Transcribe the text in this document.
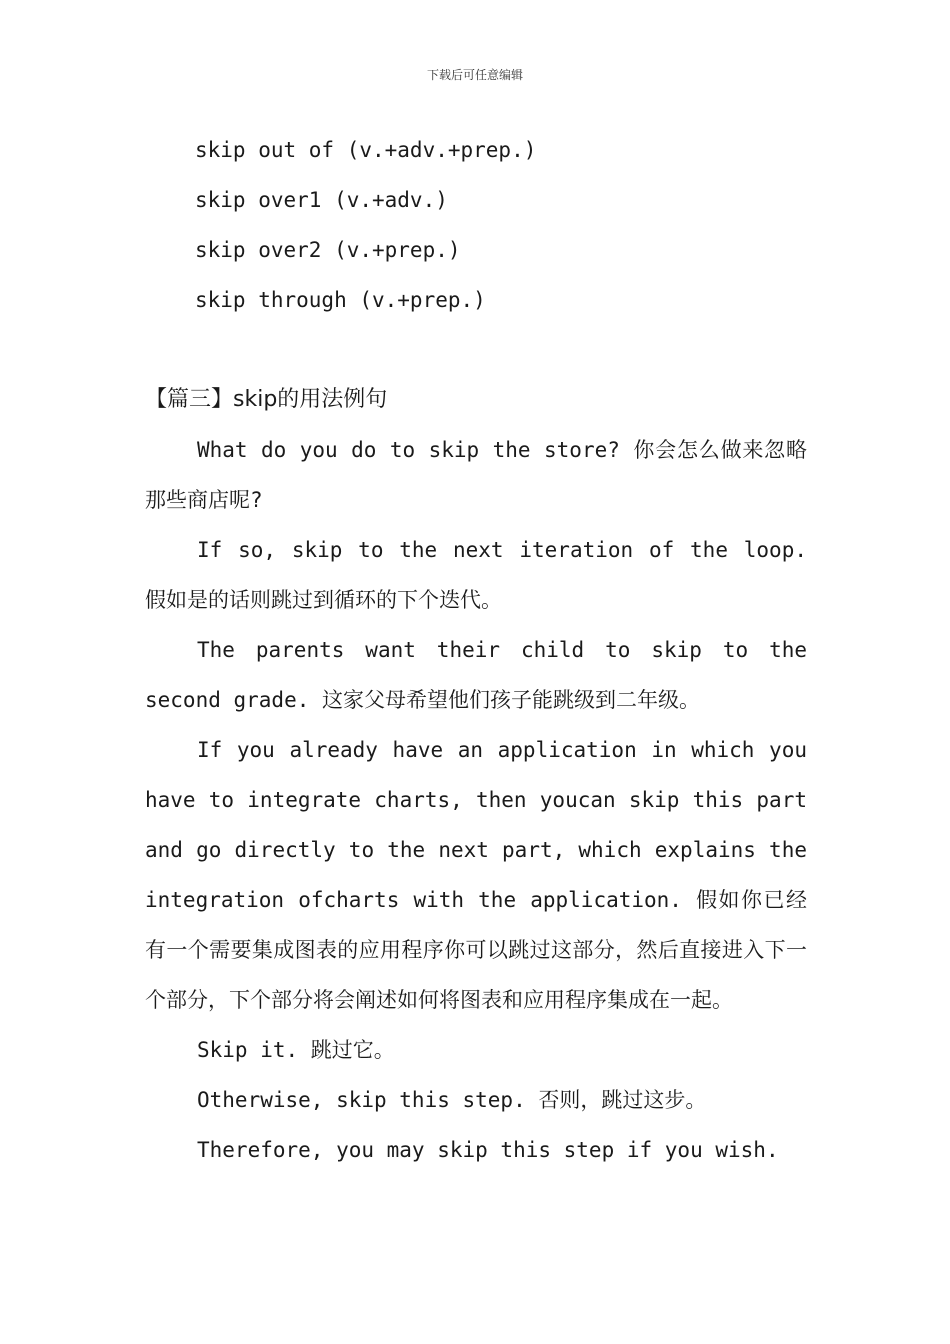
下载后可任意编辑

skip out of (v.+adv.+prep.)

skip over1 (v.+adv.)

skip over2 (v.+prep.)

skip through (v.+prep.)

【篇三】skip的用法例句

What do you do to skip the store? 你会怎么做来忽略那些商店呢?

If so, skip to the next iteration of the loop. 假如是的话则跳过到循环的下个迭代。

The parents want their child to skip to the second grade. 这家父母希望他们孩子能跳级到二年级。

If you already have an application in which you have to integrate charts, then youcan skip this part and go directly to the next part, which explains the integration ofcharts with the application. 假如你已经有一个需要集成图表的应用程序你可以跳过这部分，然后直接进入下一个部分，下个部分将会阐述如何将图表和应用程序集成在一起。

Skip it. 跳过它。

Otherwise, skip this step. 否则，跳过这步。

Therefore, you may skip this step if you wish.
